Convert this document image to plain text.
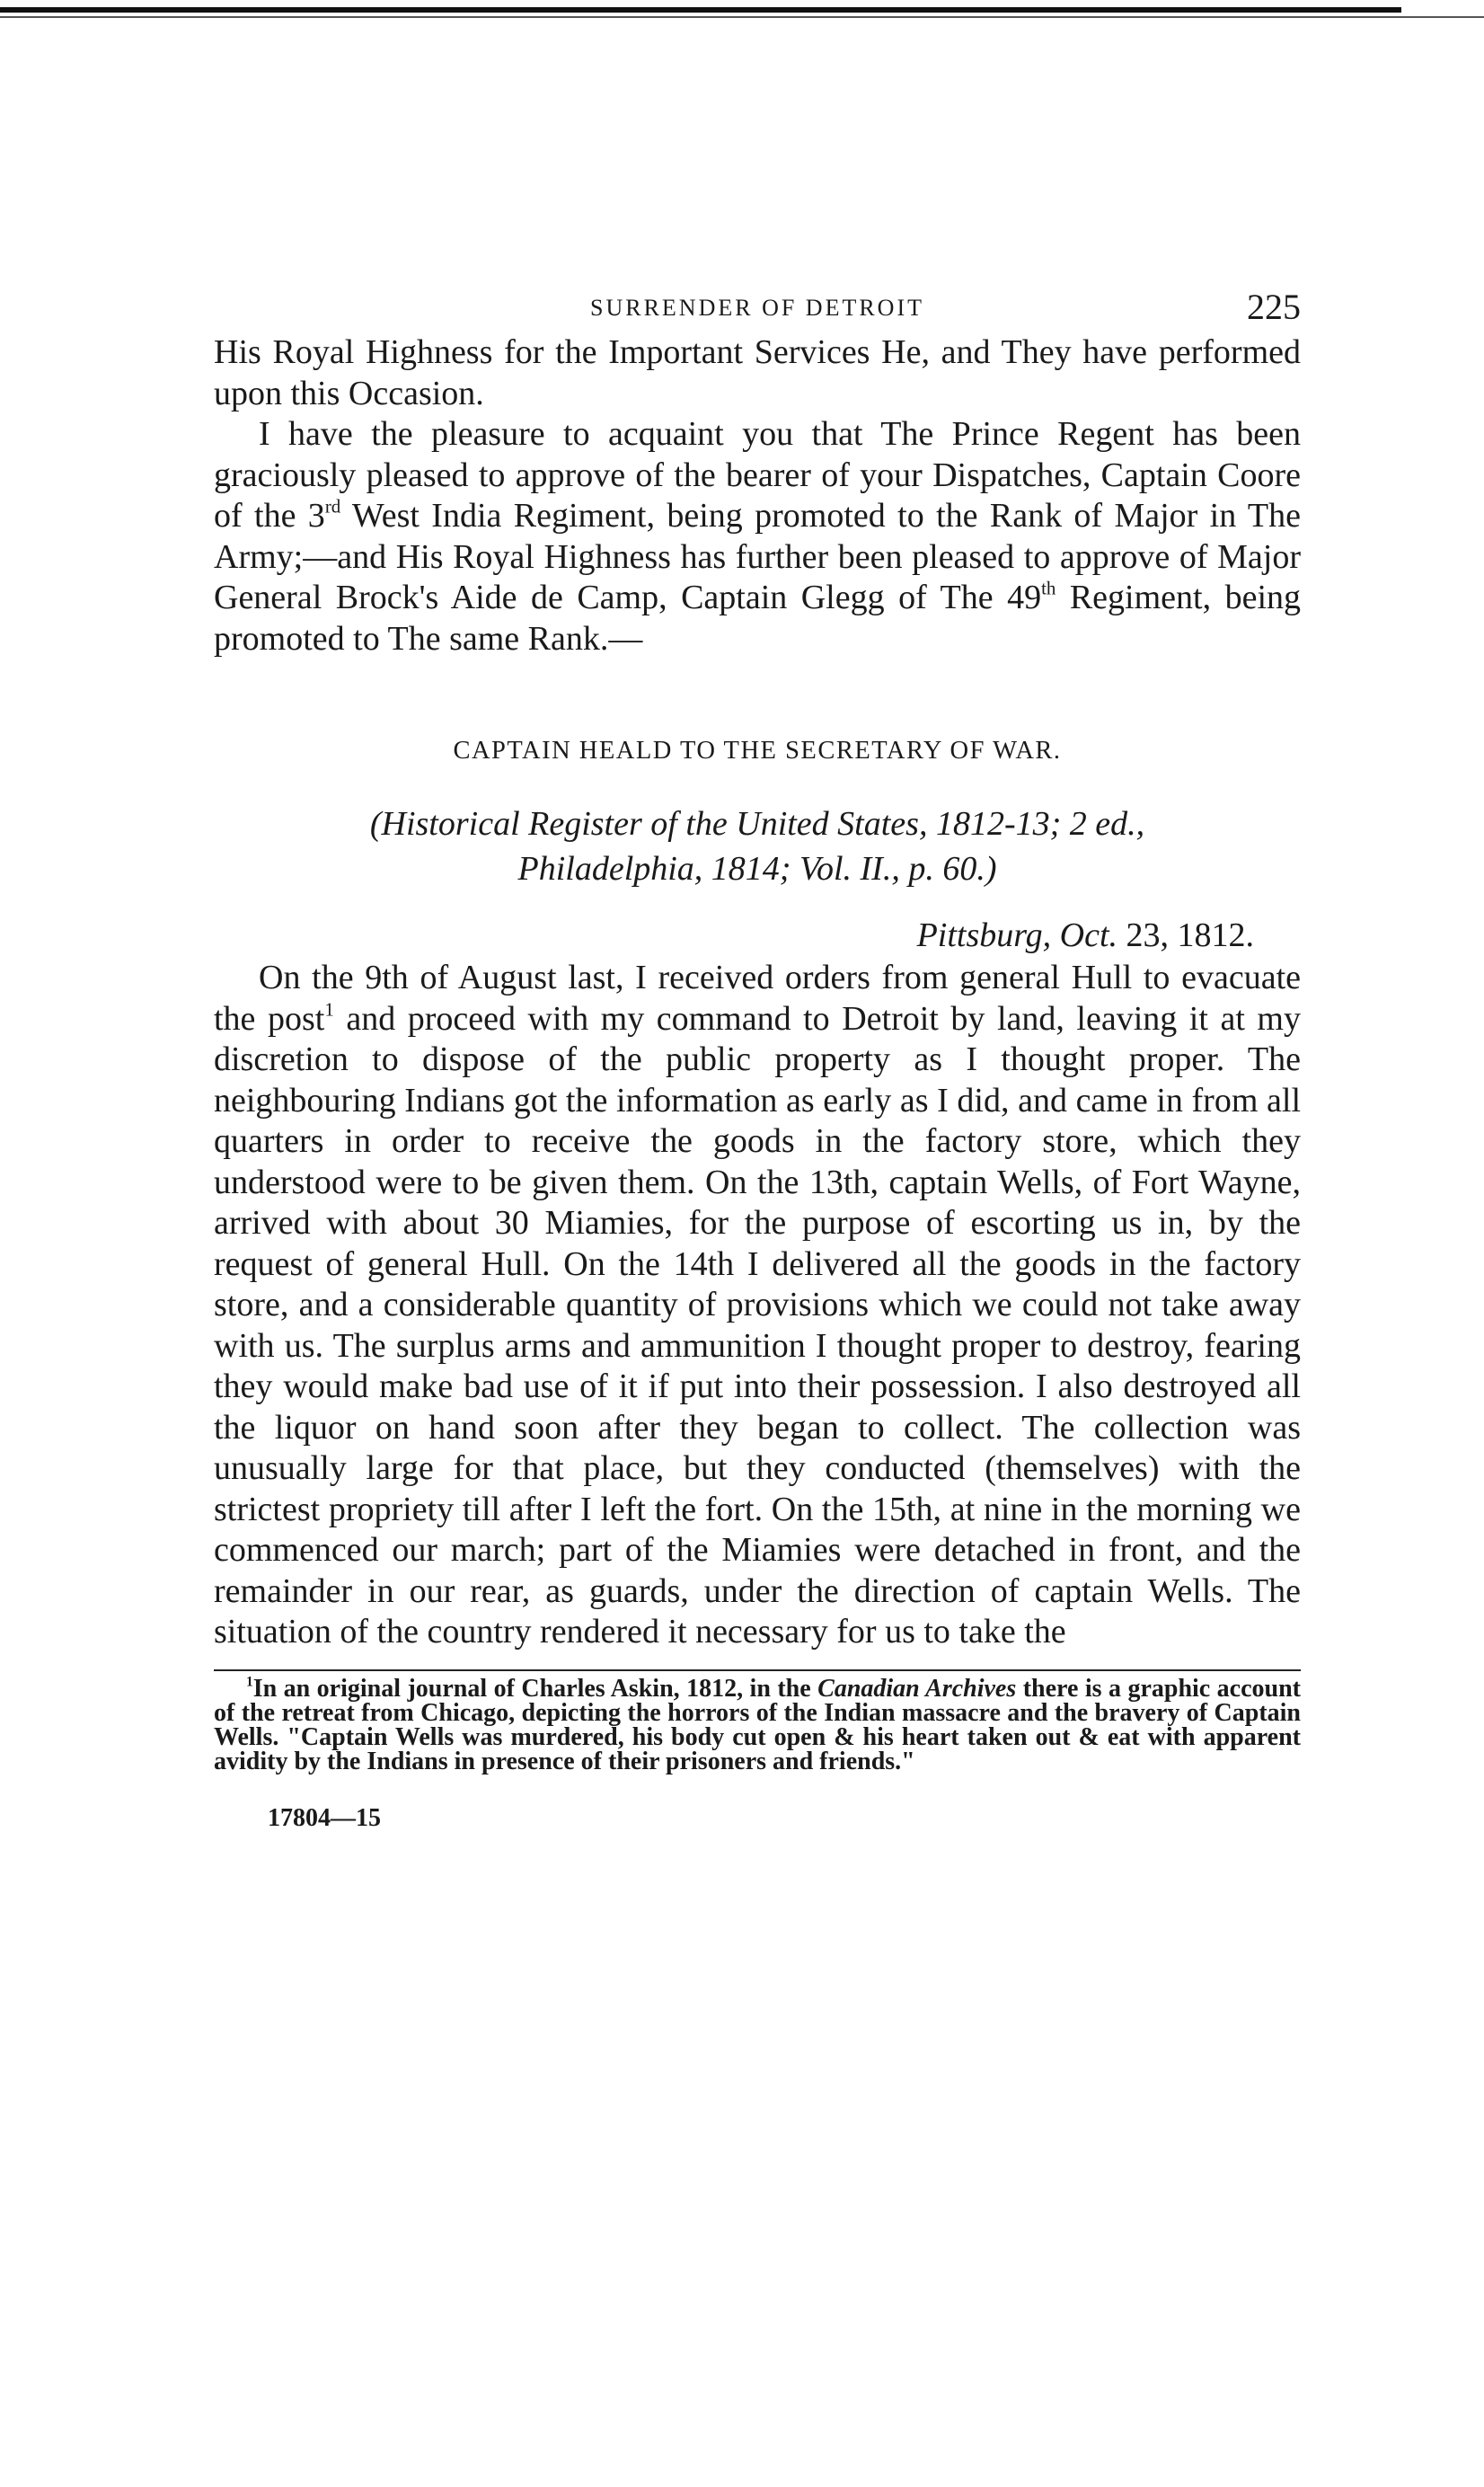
SURRENDER OF DETROIT	225

His Royal Highness for the Important Services He, and They have performed upon this Occasion.

I have the pleasure to acquaint you that The Prince Regent has been graciously pleased to approve of the bearer of your Dispatches, Captain Coore of the 3rd West India Regiment, being promoted to the Rank of Major in The Army;—and His Royal Highness has further been pleased to approve of Major General Brock's Aide de Camp, Captain Glegg of The 49th Regiment, being promoted to The same Rank.—

CAPTAIN HEALD TO THE SECRETARY OF WAR.
(Historical Register of the United States, 1812-13; 2 ed.,
Philadelphia, 1814; Vol. II., p. 60.)
Pittsburg, Oct. 23, 1812.

On the 9th of August last, I received orders from general Hull to evacuate the post$^1$ and proceed with my command to Detroit by land, leaving it at my discretion to dispose of the public property as I thought proper. The neighbouring Indians got the information as early as I did, and came in from all quarters in order to receive the goods in the factory store, which they understood were to be given them. On the 13th, captain Wells, of Fort Wayne, arrived with about 30 Miamies, for the purpose of escorting us in, by the request of general Hull. On the 14th I delivered all the goods in the factory store, and a considerable quantity of provisions which we could not take away with us. The surplus arms and ammunition I thought proper to destroy, fearing they would make bad use of it if put into their possession. I also destroyed all the liquor on hand soon after they began to collect. The collection was unusually large for that place, but they conducted (themselves) with the strictest propriety till after I left the fort. On the 15th, at nine in the morning we commenced our march; part of the Miamies were detached in front, and the remainder in our rear, as guards, under the direction of captain Wells. The situation of the country rendered it necessary for us to take the

$^1$In an original journal of Charles Askin, 1812, in the Canadian Archives there is a graphic account of the retreat from Chicago, depicting the horrors of the Indian massacre and the bravery of Captain Wells. "Captain Wells was murdered, his body cut open & his heart taken out & eat with apparent avidity by the Indians in presence of their prisoners and friends."
17804—15
